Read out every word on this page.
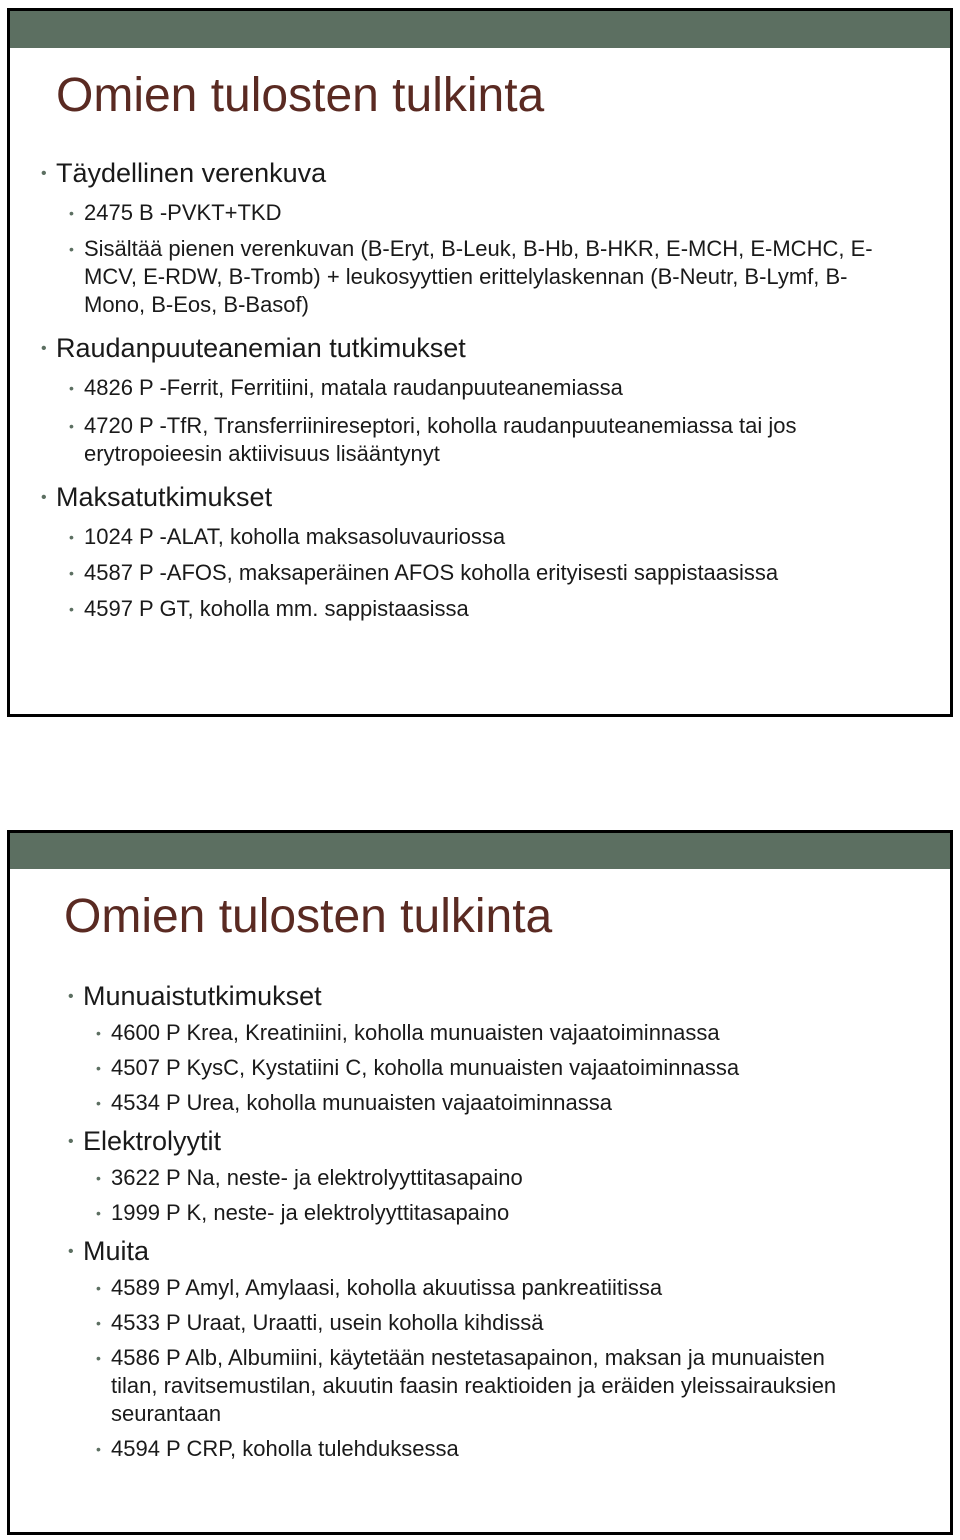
Omien tulosten tulkinta
• Täydellinen verenkuva
• 2475 B -PVKT+TKD
• Sisältää pienen verenkuvan (B-Eryt, B-Leuk, B-Hb, B-HKR, E-MCH, E-MCHC, E-MCV, E-RDW, B-Tromb) + leukosyyttien erittelylaskennan (B-Neutr, B-Lymf, B-Mono, B-Eos, B-Basof)
• Raudanpuuteanemian tutkimukset
• 4826 P -Ferrit, Ferritiini, matala raudanpuuteanemiassa
• 4720 P -TfR, Transferriinireseptori, koholla raudanpuuteanemiassa tai jos erytropoieesin aktiivisuus lisääntynyt
• Maksatutkimukset
• 1024 P -ALAT, koholla maksasoluvauriossa
• 4587 P -AFOS, maksaperäinen AFOS koholla erityisesti sappistaasissa
• 4597 P GT, koholla mm. sappistaasissa
Omien tulosten tulkinta
• Munuaistutkimukset
• 4600 P Krea, Kreatiniini, koholla munuaisten vajaatoiminnassa
• 4507 P KysC, Kystatiini C, koholla munuaisten vajaatoiminnassa
• 4534 P Urea, koholla munuaisten vajaatoiminnassa
• Elektrolyytit
• 3622 P Na, neste- ja elektrolyyttitasapaino
• 1999 P K, neste- ja elektrolyyttitasapaino
• Muita
• 4589 P Amyl, Amylaasi, koholla akuutissa pankreatiitissa
• 4533 P Uraat, Uraatti, usein koholla kihdissä
• 4586 P Alb, Albumiini, käytetään nestetasapainon, maksan ja munuaisten tilan, ravitsemustilan, akuutin faasin reaktioiden ja eräiden yleissairauksien seurantaan
• 4594 P CRP, koholla tulehduksessa
